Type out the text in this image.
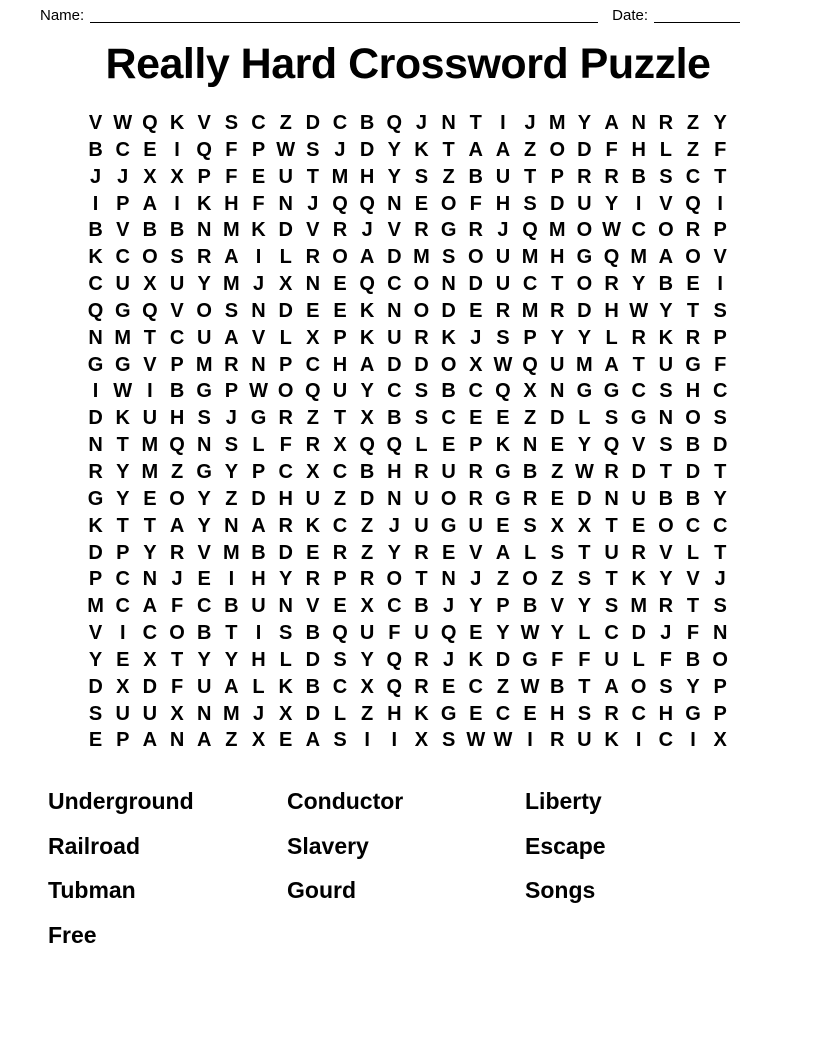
Name:	Date:
Really Hard Crossword Puzzle
V W Q K V S C Z D C B Q J N T I J M Y A N R Z Y
B C E I Q F P W S J D Y K T A A Z O D F H L Z F
J J X X P F E U T M H Y S Z B U T P R R B S C T
I P A I K H F N J Q Q N E O F H S D U Y I V Q I
B V B B N M K D V R J V R G R J Q M O W C O R P
K C O S R A I L R O A D M S O U M H G Q M A O V
C U X U Y M J X N E Q C O N D U C T O R Y B E I
Q G Q V O S N D E E K N O D E R M R D H W Y T S
N M T C U A V L X P K U R K J S P Y Y L R K R P
G G V P M R N P C H A D D O X W Q U M A T U G F
I W I B G P W O Q U Y C S B C Q X N G G C S H C
D K U H S J G R Z T X B S C E E Z D L S G N O S
N T M Q N S L F R X Q Q L E P K N E Y Q V S B D
R Y M Z G Y P C X C B H R U R G B Z W R D T D T
G Y E O Y Z D H U Z D N U O R G R E D N U B B Y
K T T A Y N A R K C Z J U G U E S X X T E O C C
D P Y R V M B D E R Z Y R E V A L S T U R V L T
P C N J E I H Y R P R O T N J Z O Z S T K Y V J
M C A F C B U N V E X C B J Y P B V Y S M R T S
V I C O B T I S B Q U F U Q E Y W Y L C D J F N
Y E X T Y Y H L D S Y Q R J K D G F F U L F B O
D X D F U A L K B C X Q R E C Z W B T A O S Y P
S U U X N M J X D L Z H K G E C E H S R C H G P
E P A N A Z X E A S I	I X S W W I R U K I C I X
Underground
Railroad
Tubman
Free
Conductor
Slavery
Gourd
Liberty
Escape
Songs
